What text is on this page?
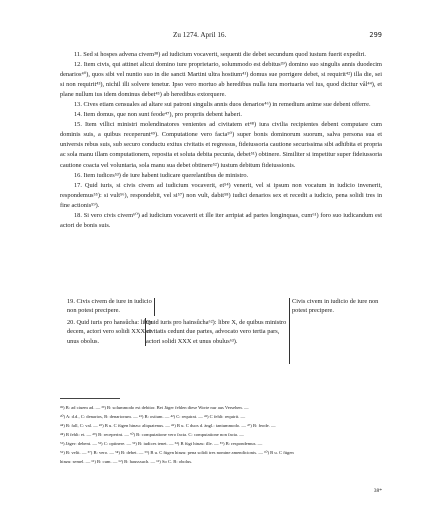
Zu 1274. April 16.	299

11. Sed si hospes advena civem³⁸) ad iudicium vocaverit, sequenti die debet secundum quod iustum fuerit expediri.

12. Item civis, qui attinet alicui domino iure proprietario, solummodo est debitus³⁹) domino suo singulis annis duodecim denarios⁴⁰), quos sibi vel nuntio suo in die sancti Martini ultra hostium⁴¹) domus sue porrigere debet, si requirit⁴²) illa die, sei si non requirit⁴³), nichil illi solvere tenetur. Ipso vero mortuo ab heredibus nulla iura mortuaria vel ius, quod dicitur vâl⁴⁴), et plane nullum ius idem dominus debet⁴⁵) ab heredibus extorquere.

13. Cives etiam censuales ad altare sui patroni singulis annis duos denarios⁴⁶) in remedium anime sue debent offerre.

14. Item domus, que non sunt feode⁴⁷), pro propriis debent haberi.

15. Item villici ministri molendinatores venientes ad civitatem et⁴⁸) iura civilia recipientes debent computare cum dominis suis, a quibus receperunt⁴⁹). Computatione vero facta⁵⁰) super bonis dominorum suorum, salva persona sua et universis rebus suis, sub securo conductu exitus civitatis et regressus, fideiussoria cautione securissima sibi adhibita et propria ac sola manu illam computationem, reposita et soluta debita pecunia, debet⁵¹) obtinere. Similiter si impetitur super fideiussoria cautione coacta vel voluntaria, sola manu sua debet obtinere⁵²) iustum debitum fideiussionis.

16. Item iudices⁵³) de iure habent iudicare querelantibus de ministro.

17. Quid iuris, si civis civem ad iudicium vocaverit, et⁵⁴) venerit, vel si ipsum non vocatum in iudicio invenerit, respondemus⁵⁵): si vult⁵⁶), respondebit, vel si⁵⁷) non vult, dabit⁵⁸) iudici denarios sex et recedit a iudicio, pena solidi tres in fine actionis⁵⁹).

18. Si vero civis civem⁶⁰) ad iudicium vocaverit et ille iter arripiat ad partes longinquas, cum⁶¹) foro suo iudicandum est actori de bonis suis.

19. Civis civem de iure in iudicio non potest precipere.
Civis civem in iudicio de iure non potest precipere.
20. Quid iuris pro hansûcha: libre decem, actori vero solidi XXX et unus obolus.
Quid iuris pro hainsûcha⁶²): libre X, de quibus ministro civitatis cedunt due partes, advocato vero tertia pars, actori solidi XXX et unus obulus⁶³).
³⁸) B: ad ciuem ad. — ³⁹) B: solummodo est debitor. Bei Jäger fehlen diese Worte nur aus Versehen. —
⁴⁰) A: d.d., C: denarios, B: denariorum. — ⁴¹) B: ostium. — ⁴²) C: requirat. — ⁴³) C fehlt: requirit. —
⁴⁴) B: fall, C: val. — ⁴⁵) B u. C fügen hinzu: aliquatenus. — ⁴⁶) B u. C duos d. ängl.: tantummodo. — ⁴⁷) B: feode. —
⁴⁸) B fehlt: et. — ⁴⁹) B: receperint. — ⁵⁰) B: computatione vero facta. C: computatione non facta. —
⁵¹) Jäger: debent. — ⁵²) C: optinere. — ⁵³) B: iudices tenet. — ⁵⁴) B fügt hinzu: ille. — ⁵⁵) B: respondemus. —
⁵⁶) B: velit. — ⁵⁷) B: vero. — ⁵⁸) B: debet. — ⁵⁹) B u. C fügen hinzu: pena solidi tres nomine amendicionis. — ⁶⁰) B u. C fügen
hinzu: semel. — ⁶¹) B: cum. — ⁶²) B: hausssuch. — ⁶³) So C. B: obolus.
38*
